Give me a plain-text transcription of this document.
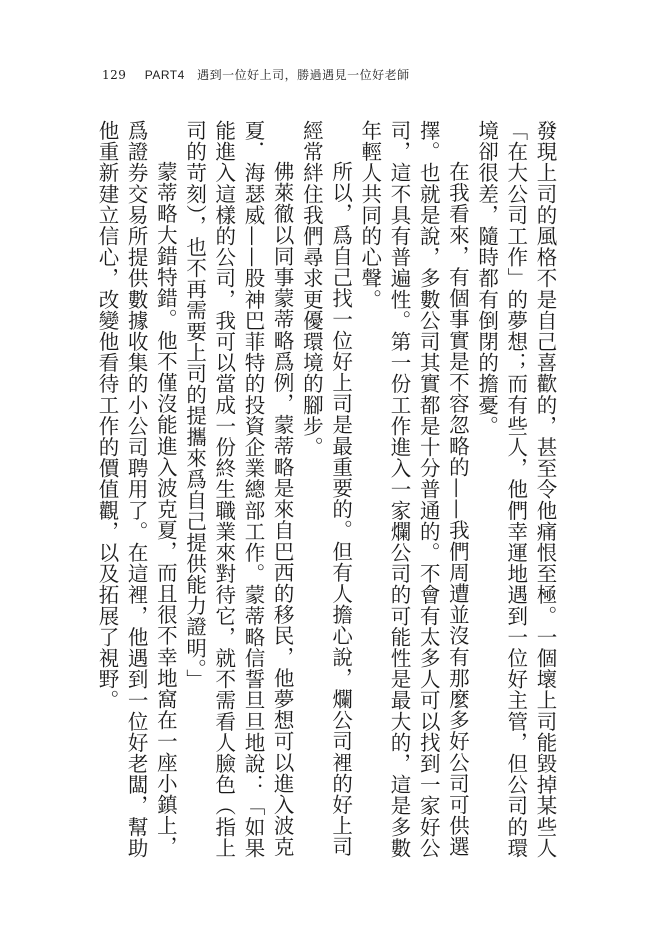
129 PART4 遇到一位好上司，勝過遇見一位好老師

發現上司的風格不是自己喜歡的，甚至令他痛恨至極。一個壞上司能毀掉某些人「在大公司工作」的夢想；而有些人，他們幸運地遇到一位好主管，但公司的環境卻很差，隨時都有倒閉的擔憂。

在我看來，有個事實是不容忽略的——我們周遭並沒有那麼多好公司可供選擇。也就是說，多數公司其實都是十分普通的。不會有太多人可以找到一家好公司，這不具有普遍性。第一份工作進入一家爛公司的可能性是最大的，這是多數年輕人共同的心聲。

所以，爲自己找一位好上司是最重要的。但有人擔心說，爛公司裡的好上司經常絆住我們尋求更優環境的腳步。

佛萊徹以同事蒙蒂略爲例，蒙蒂略是來自巴西的移民，他夢想可以進入波克夏．海瑟威——股神巴菲特的投資企業總部工作。蒙蒂略信誓旦旦地說：「如果能進入這樣的公司，我可以當成一份終生職業來對待它，就不需看人臉色（指上司的苛刻），也不再需要上司的提攜來爲自己提供能力證明。」

蒙蒂略大錯特錯。他不僅沒能進入波克夏，而且很不幸地窩在一座小鎮上，爲證券交易所提供數據收集的小公司聘用了。在這裡，他遇到一位好老闆，幫助他重新建立信心，改變他看待工作的價值觀，以及拓展了視野。
